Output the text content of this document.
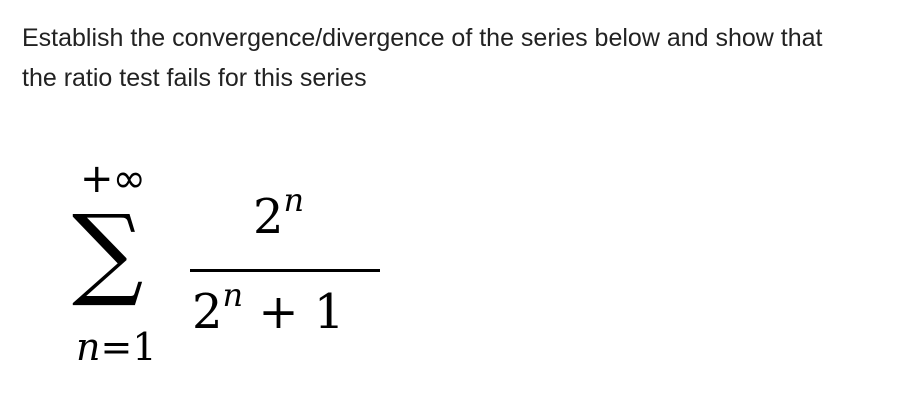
Establish the convergence/divergence of the series below and show that
the ratio test fails for this series

+∞
∑
n=1
2$^n$
$2^n + 1$
